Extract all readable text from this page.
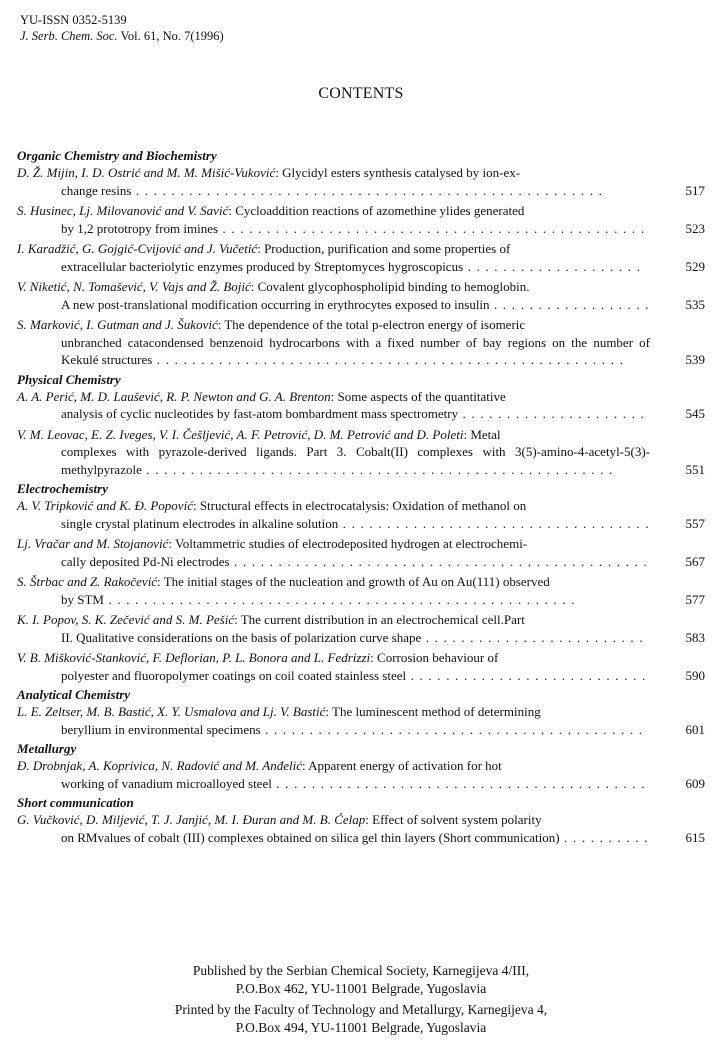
YU-ISSN 0352-5139
J. Serb. Chem. Soc. Vol. 61, No. 7(1996)
CONTENTS
Organic Chemistry and Biochemistry
D. Ž. Mijin, I. D. Ostrić and M. M. Mišić-Vuković: Glycidyl esters synthesis catalysed by ion-ex-
change resins . . . . . . . . . . . . . . . . . . . . . . . . . . . . . . . . . . . . . . . . . . . . . . . . . . . . .	517
S. Husinec, Lj. Milovanović and V. Savić: Cycloaddition reactions of azomethine ylides generated
by 1,2 prototropy from imines . . . . . . . . . . . . . . . . . . . . . . . . . . . . . . . . . . . . . . . . . . . . . . . .	523
I. Karadžić, G. Gojgić-Cvijović and J. Vučetić: Production, purification and some properties of
extracellular bacteriolytic enzymes produced by Streptomyces hygroscopicus . . . . . . . . . . . . . . . . . . . .	529
V. Niketić, N. Tomašević, V. Vajs and Ž. Bojić: Covalent glycophospholipid binding to hemoglobin.
A new post-translational modification occurring in erythrocytes exposed to insulin . . . . . . . . . . . . . . . . . .	535
S. Marković, I. Gutman and J. Šuković: The dependence of the total p-electron energy of isomeric
unbranched catacondensed benzenoid hydrocarbons with a fixed number of bay regions on the number of Kekulé structures . . . . . . . . . . . . . . . . . . . . . . . . . . . . . . . . . . . . . . . . . . . . . . . . . . . . .	539
Physical Chemistry
A. A. Perić, M. D. Laušević, R. P. Newton and G. A. Brenton: Some aspects of the quantitative
analysis of cyclic nucleotides by fast-atom bombardment mass spectrometry . . . . . . . . . . . . . . . . . . . . .	545
V. M. Leovac, E. Z. Iveges, V. I. Češljević, A. F. Petrović, D. M. Petrović and D. Poleti: Metal
complexes with pyrazole-derived ligands. Part 3. Cobalt(II) complexes with 3(5)-amino-4-acetyl-5(3)-methylpyrazole . . . . . . . . . . . . . . . . . . . . . . . . . . . . . . . . . . . . . . . . . . . . . . . . . . . . .	551
Electrochemistry
A. V. Tripković and K. Đ. Popović: Structural effects in electrocatalysis: Oxidation of methanol on
single crystal platinum electrodes in alkaline solution . . . . . . . . . . . . . . . . . . . . . . . . . . . . . . . . . . .	557
Lj. Vračar and M. Stojanović: Voltammetric studies of electrodeposited hydrogen at electrochemi-
cally deposited Pd-Ni electrodes . . . . . . . . . . . . . . . . . . . . . . . . . . . . . . . . . . . . . . . . . . . . . . .	567
S. Štrbac and Z. Rakočević: The initial stages of the nucleation and growth of Au on Au(111) observed
by STM . . . . . . . . . . . . . . . . . . . . . . . . . . . . . . . . . . . . . . . . . . . . . . . . . . . . .	577
K. I. Popov, S. K. Zečević and S. M. Pešić: The current distribution in an electrochemical cell.Part
II. Qualitative considerations on the basis of polarization curve shape . . . . . . . . . . . . . . . . . . . . . . . . .	583
V. B. Mišković-Stanković, F. Deflorian, P. L. Bonora and L. Fedrizzi: Corrosion behaviour of
polyester and fluoropolymer coatings on coil coated stainless steel . . . . . . . . . . . . . . . . . . . . . . . . . . .	590
Analytical Chemistry
L. E. Zeltser, M. B. Bastić, X. Y. Usmalova and Lj. V. Bastić: The luminescent method of determining
beryllium in environmental specimens . . . . . . . . . . . . . . . . . . . . . . . . . . . . . . . . . . . . . . . . . . .	601
Metallurgy
Đ. Drobnjak, A. Koprivica, N. Radović and M. Anđelić: Apparent energy of activation for hot
working of vanadium microalloyed steel . . . . . . . . . . . . . . . . . . . . . . . . . . . . . . . . . . . . . . . . . .	609
Short communication
G. Vučković, D. Miljević, T. J. Janjić, M. I. Đuran and M. B. Ćelap: Effect of solvent system polarity
on RMvalues of cobalt (III) complexes obtained on silica gel thin layers (Short communication) . . . . . . . . . .	615

Published by the Serbian Chemical Society, Karnegijeva 4/III,

P.O.Box 462, YU-11001 Belgrade, Yugoslavia

Printed by the Faculty of Technology and Metallurgy, Karnegijeva 4,

P.O.Box 494, YU-11001 Belgrade, Yugoslavia
